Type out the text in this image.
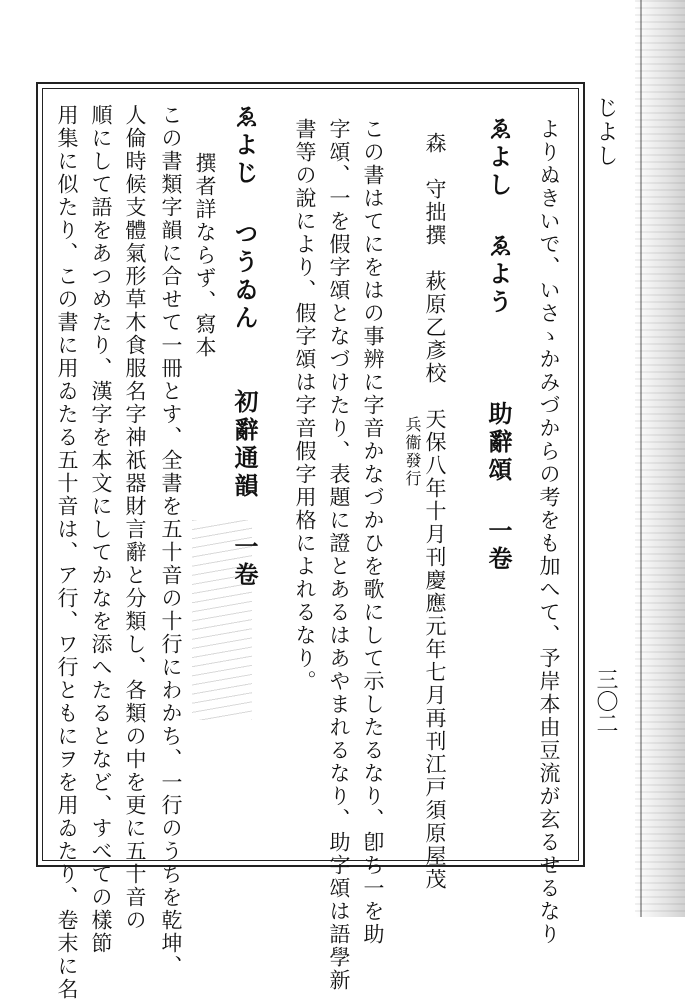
じよし
三〇二
よりぬきいで、いさゝかみづからの考をも加へて、予岸本由豆流が玄るせるなり
ゑよし ゑよう　　　助辭頌 一卷
森　守拙撰　萩原乙彥校　天保八年十月刊慶應元年七月再刊江戸須原屋茂
兵衞發行
この書はてにをはの事辨に字音かなづかひを歌にして示したるなり、卽ち一を助
字頌、一を假字頌となづけたり、表題に證とあるはあやまれるなり、助字頌は語學新
書等の說により、假字頌は字音假字用格によれるなり。
ゑよじ つうゐん　　初辭通韻 一卷
撰者詳ならず、寫本
この書類字韻に合せて一冊とす、全書を五十音の十行にわかち、一行のうちを乾坤、
人倫時候支體氣形草木食服名字神祇器財言辭と分類し、各類の中を更に五十音の
順にして語をあつめたり、漢字を本文にしてかなを添へたるとなど、すべての樣節
用集に似たり、この書に用ゐたる五十音は、ア行、ワ行ともにヲを用ゐたり、卷末に名
